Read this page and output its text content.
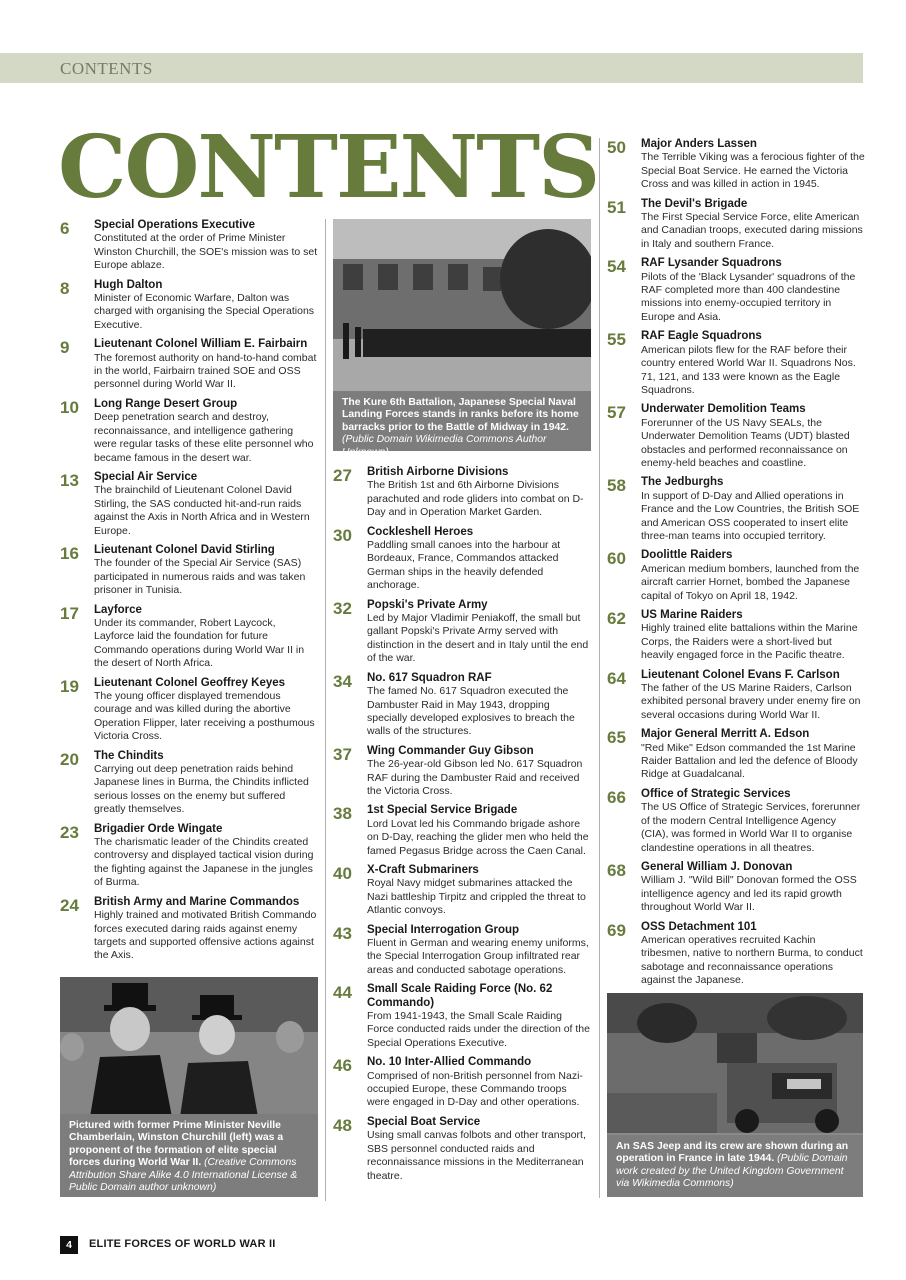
CONTENTS
CONTENTS
6 Special Operations Executive
Constituted at the order of Prime Minister Winston Churchill, the SOE's mission was to set Europe ablaze.
8 Hugh Dalton
Minister of Economic Warfare, Dalton was charged with organising the Special Operations Executive.
9 Lieutenant Colonel William E. Fairbairn
The foremost authority on hand-to-hand combat in the world, Fairbairn trained SOE and OSS personnel during World War II.
10 Long Range Desert Group
Deep penetration search and destroy, reconnaissance, and intelligence gathering were regular tasks of these elite personnel who became famous in the desert war.
13 Special Air Service
The brainchild of Lieutenant Colonel David Stirling, the SAS conducted hit-and-run raids against the Axis in North Africa and in Western Europe.
16 Lieutenant Colonel David Stirling
The founder of the Special Air Service (SAS) participated in numerous raids and was taken prisoner in Tunisia.
17 Layforce
Under its commander, Robert Laycock, Layforce laid the foundation for future Commando operations during World War II in the desert of North Africa.
19 Lieutenant Colonel Geoffrey Keyes
The young officer displayed tremendous courage and was killed during the abortive Operation Flipper, later receiving a posthumous Victoria Cross.
20 The Chindits
Carrying out deep penetration raids behind Japanese lines in Burma, the Chindits inflicted serious losses on the enemy but suffered greatly themselves.
23 Brigadier Orde Wingate
The charismatic leader of the Chindits created controversy and displayed tactical vision during the fighting against the Japanese in the jungles of Burma.
24 British Army and Marine Commandos
Highly trained and motivated British Commando forces executed daring raids against enemy targets and supported offensive actions against the Axis.
27 British Airborne Divisions
The British 1st and 6th Airborne Divisions parachuted and rode gliders into combat on D-Day and in Operation Market Garden.
30 Cockleshell Heroes
Paddling small canoes into the harbour at Bordeaux, France, Commandos attacked German ships in the heavily defended anchorage.
32 Popski's Private Army
Led by Major Vladimir Peniakoff, the small but gallant Popski's Private Army served with distinction in the desert and in Italy until the end of the war.
34 No. 617 Squadron RAF
The famed No. 617 Squadron executed the Dambuster Raid in May 1943, dropping specially developed explosives to breach the walls of the structures.
37 Wing Commander Guy Gibson
The 26-year-old Gibson led No. 617 Squadron RAF during the Dambuster Raid and received the Victoria Cross.
38 1st Special Service Brigade
Lord Lovat led his Commando brigade ashore on D-Day, reaching the glider men who held the famed Pegasus Bridge across the Caen Canal.
40 X-Craft Submariners
Royal Navy midget submarines attacked the Nazi battleship Tirpitz and crippled the threat to Atlantic convoys.
43 Special Interrogation Group
Fluent in German and wearing enemy uniforms, the Special Interrogation Group infiltrated rear areas and conducted sabotage operations.
44 Small Scale Raiding Force (No. 62 Commando)
From 1941-1943, the Small Scale Raiding Force conducted raids under the direction of the Special Operations Executive.
46 No. 10 Inter-Allied Commando
Comprised of non-British personnel from Nazi-occupied Europe, these Commando troops were engaged in D-Day and other operations.
48 Special Boat Service
Using small canvas folbots and other transport, SBS personnel conducted raids and reconnaissance missions in the Mediterranean theatre.
50 Major Anders Lassen
The Terrible Viking was a ferocious fighter of the Special Boat Service. He earned the Victoria Cross and was killed in action in 1945.
51 The Devil's Brigade
The First Special Service Force, elite American and Canadian troops, executed daring missions in Italy and southern France.
54 RAF Lysander Squadrons
Pilots of the 'Black Lysander' squadrons of the RAF completed more than 400 clandestine missions into enemy-occupied territory in Europe and Asia.
55 RAF Eagle Squadrons
American pilots flew for the RAF before their country entered World War II. Squadrons Nos. 71, 121, and 133 were known as the Eagle Squadrons.
57 Underwater Demolition Teams
Forerunner of the US Navy SEALs, the Underwater Demolition Teams (UDT) blasted obstacles and performed reconnaissance on enemy-held beaches and coastline.
58 The Jedburghs
In support of D-Day and Allied operations in France and the Low Countries, the British SOE and American OSS cooperated to insert elite three-man teams into occupied territory.
60 Doolittle Raiders
American medium bombers, launched from the aircraft carrier Hornet, bombed the Japanese capital of Tokyo on April 18, 1942.
62 US Marine Raiders
Highly trained elite battalions within the Marine Corps, the Raiders were a short-lived but heavily engaged force in the Pacific theatre.
64 Lieutenant Colonel Evans F. Carlson
The father of the US Marine Raiders, Carlson exhibited personal bravery under enemy fire on several occasions during World War II.
65 Major General Merritt A. Edson
"Red Mike" Edson commanded the 1st Marine Raider Battalion and led the defence of Bloody Ridge at Guadalcanal.
66 Office of Strategic Services
The US Office of Strategic Services, forerunner of the modern Central Intelligence Agency (CIA), was formed in World War II to organise clandestine operations in all theatres.
68 General William J. Donovan
William J. "Wild Bill" Donovan formed the OSS intelligence agency and led its rapid growth throughout World War II.
69 OSS Detachment 101
American operatives recruited Kachin tribesmen, native to northern Burma, to conduct sabotage and reconnaissance operations against the Japanese.
The Kure 6th Battalion, Japanese Special Naval Landing Forces stands in ranks before its home barracks prior to the Battle of Midway in 1942. (Public Domain Wikimedia Commons Author Unknown)
Pictured with former Prime Minister Neville Chamberlain, Winston Churchill (left) was a proponent of the formation of elite special forces during World War II. (Creative Commons Attribution Share Alike 4.0 International License & Public Domain author unknown)
An SAS Jeep and its crew are shown during an operation in France in late 1944. (Public Domain work created by the United Kingdom Government via Wikimedia Commons)
4	ELITE FORCES OF WORLD WAR II
